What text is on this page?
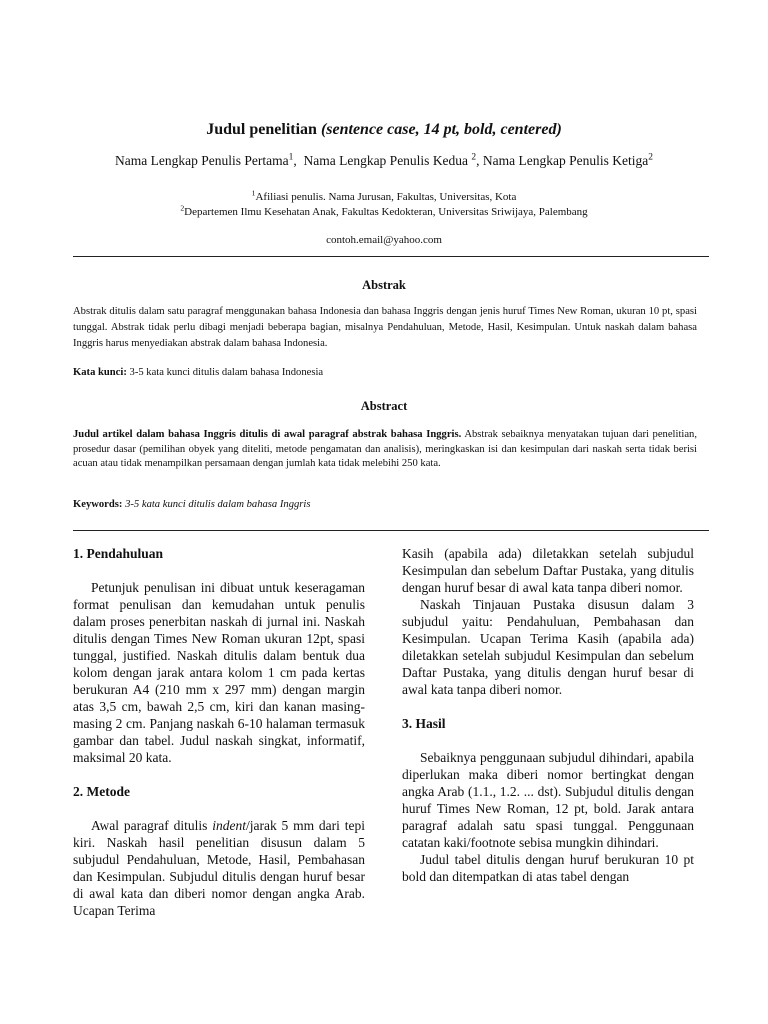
Judul penelitian (sentence case, 14 pt, bold, centered)
Nama Lengkap Penulis Pertama$^1$,  Nama Lengkap Penulis Kedua $^2$, Nama Lengkap Penulis Ketiga$^2$
$^1$Afiliasi penulis. Nama Jurusan, Fakultas, Universitas, Kota
$^2$Departemen Ilmu Kesehatan Anak, Fakultas Kedokteran, Universitas Sriwijaya, Palembang
contoh.email@yahoo.com
Abstrak
Abstrak ditulis dalam satu paragraf menggunakan bahasa Indonesia dan bahasa Inggris dengan jenis huruf Times New Roman, ukuran 10 pt, spasi tunggal. Abstrak tidak perlu dibagi menjadi beberapa bagian, misalnya Pendahuluan, Metode, Hasil, Kesimpulan. Untuk naskah dalam bahasa Inggris harus menyediakan abstrak dalam bahasa Indonesia.
Kata kunci: 3-5 kata kunci ditulis dalam bahasa Indonesia
Abstract
Judul artikel dalam bahasa Inggris ditulis di awal paragraf abstrak bahasa Inggris. Abstrak sebaiknya menyatakan tujuan dari penelitian, prosedur dasar (pemilihan obyek yang diteliti, metode pengamatan dan analisis), meringkaskan isi dan kesimpulan dari naskah serta tidak berisi acuan atau tidak menampilkan persamaan dengan jumlah kata tidak melebihi 250 kata.
Keywords: 3-5 kata kunci ditulis dalam bahasa Inggris
1. Pendahuluan

Petunjuk penulisan ini dibuat untuk keseragaman format penulisan dan kemudahan untuk penulis dalam proses penerbitan naskah di jurnal ini. Naskah ditulis dengan Times New Roman ukuran 12pt, spasi tunggal, justified. Naskah ditulis dalam bentuk dua kolom dengan jarak antara kolom 1 cm pada kertas berukuran A4 (210 mm x 297 mm) dengan margin atas 3,5 cm, bawah 2,5 cm, kiri dan kanan masing-masing 2 cm. Panjang naskah 6-10 halaman termasuk gambar dan tabel. Judul naskah singkat, informatif, maksimal 20 kata.

2. Metode

Awal paragraf ditulis indent/jarak 5 mm dari tepi kiri. Naskah hasil penelitian disusun dalam 5 subjudul Pendahuluan, Metode, Hasil, Pembahasan dan Kesimpulan. Subjudul ditulis dengan huruf besar di awal kata dan diberi nomor dengan angka Arab. Ucapan Terima

Kasih (apabila ada) diletakkan setelah subjudul Kesimpulan dan sebelum Daftar Pustaka, yang ditulis dengan huruf besar di awal kata tanpa diberi nomor.

Naskah Tinjauan Pustaka disusun dalam 3 subjudul yaitu: Pendahuluan, Pembahasan dan Kesimpulan. Ucapan Terima Kasih (apabila ada) diletakkan setelah subjudul Kesimpulan dan sebelum Daftar Pustaka, yang ditulis dengan huruf besar di awal kata tanpa diberi nomor.

3. Hasil

Sebaiknya penggunaan subjudul dihindari, apabila diperlukan maka diberi nomor bertingkat dengan angka Arab (1.1., 1.2. ... dst). Subjudul ditulis dengan huruf Times New Roman, 12 pt, bold. Jarak antara paragraf adalah satu spasi tunggal. Penggunaan catatan kaki/footnote sebisa mungkin dihindari.

Judul tabel ditulis dengan huruf berukuran 10 pt bold dan ditempatkan di atas tabel dengan
